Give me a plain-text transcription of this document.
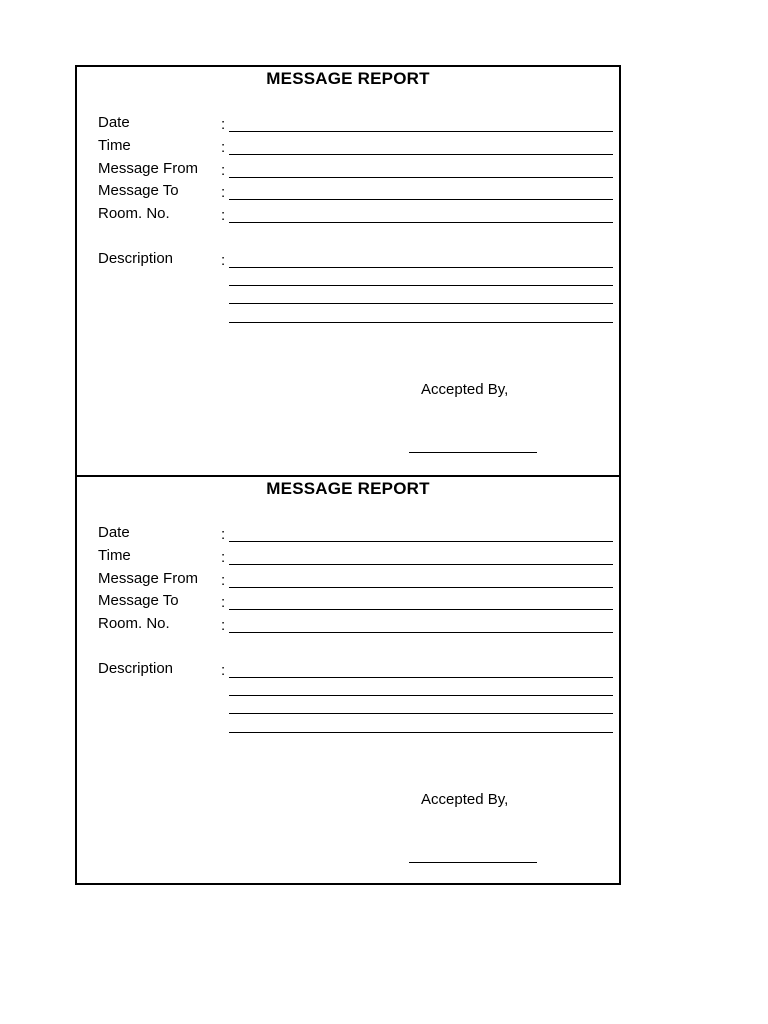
MESSAGE REPORT
Date	:
Time	:
Message From :
Message To	:
Room. No.	:
Description	:
Accepted By,
MESSAGE REPORT
Date	:
Time	:
Message From :
Message To	:
Room. No.	:
Description	:
Accepted By,
